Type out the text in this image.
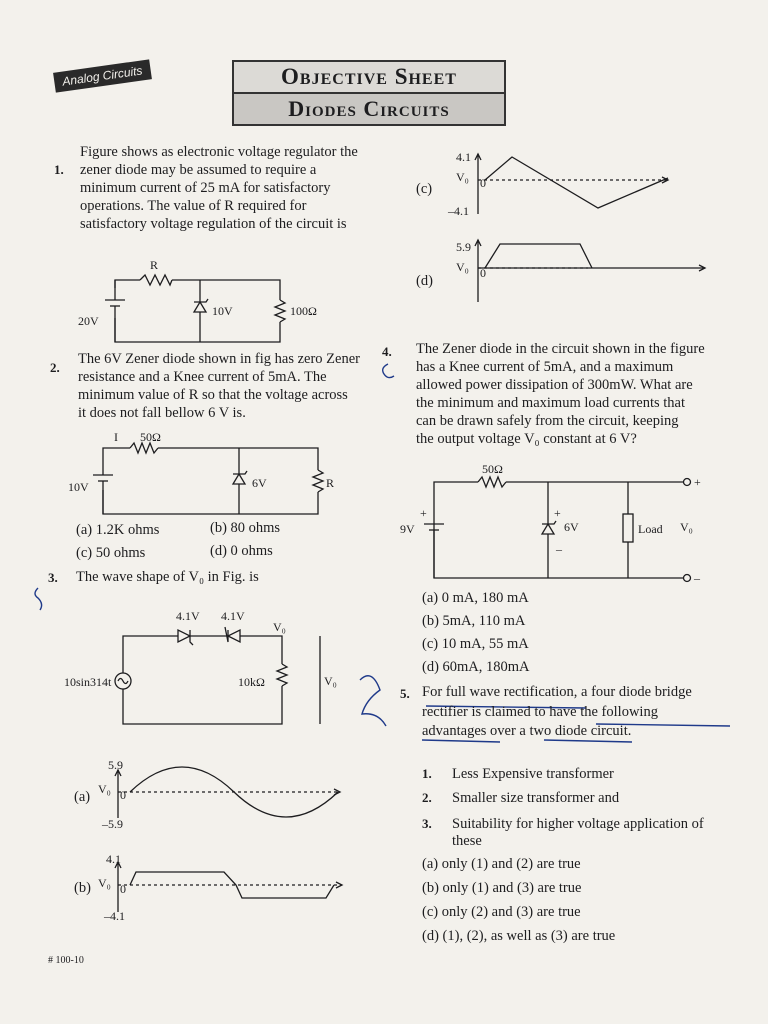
Analog Circuits	Objective Sheet
Diodes Circuits
1.
Figure shows as electronic voltage regulator the
zener diode may be assumed to require a
minimum current of 25 mA for satisfactory
operations. The value of R required for
satisfactory voltage regulation of the circuit is
R
20V
10V	100Ω
2.
The 6V Zener diode shown in fig has zero Zener
resistance and a Knee current of 5mA. The
minimum value of R so that the voltage across
it does not fall bellow 6 V is.
I 50Ω
10V	6V	R
(a) 1.2K ohms	(b) 80 ohms
(c) 50 ohms	(d) 0 ohms
3. The wave shape of V₀ in Fig. is
4.1V 4.1V
V₀
V₀
10sin314t	10kΩ
(a)
5.9
V₀ 0
–5.9
(b)
4.1
V₀ 0
–4.1
(c)
4.1
V₀ 0
–4.1
(d)
5.9
V₀ 0
4. The Zener diode in the circuit shown in the figure
has a Knee current of 5mA, and a maximum
allowed power dissipation of 300mW. What are
the minimum and maximum load currents that
can be drawn safely from the circuit, keeping
the output voltage V₀ constant at 6 V?
50Ω
+
–
+	+
–
9V	6V	Load V₀
(a) 0 mA, 180 mA
(b) 5mA, 110 mA
(c) 10 mA, 55 mA
(d) 60mA, 180mA
5. For full wave rectification, a four diode bridge
rectifier is claimed to have the following
advantages over a two diode circuit.
1. Less Expensive transformer
2. Smaller size transformer and
3. Suitability for higher voltage application of
these
(a) only (1) and (2) are true
(b) only (1) and (3) are true
(c) only (2) and (3) are true
(d) (1), (2), as well as (3) are true
# 100-10
